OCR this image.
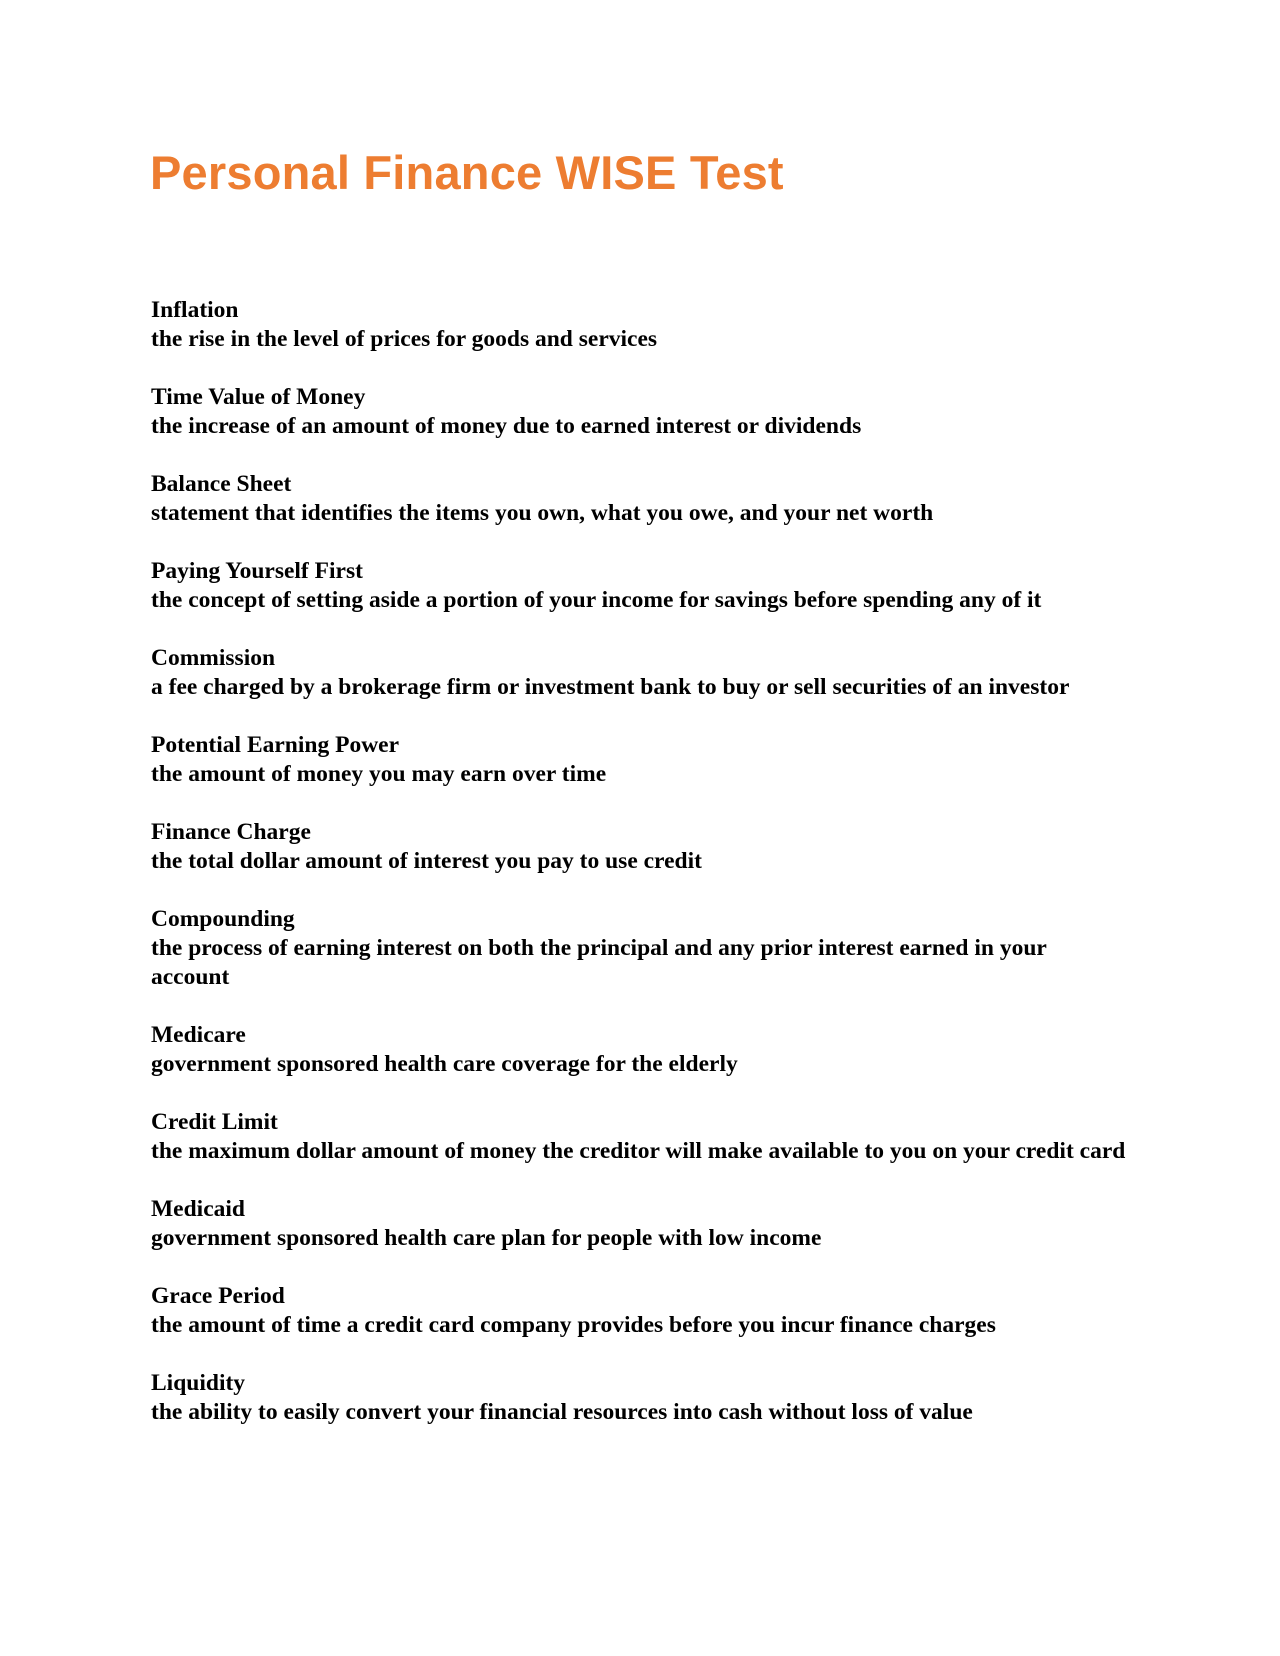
Personal Finance WISE Test
Inflation
the rise in the level of prices for goods and services
Time Value of Money
the increase of an amount of money due to earned interest or dividends
Balance Sheet
statement that identifies the items you own, what you owe, and your net worth
Paying Yourself First
the concept of setting aside a portion of your income for savings before spending any of it
Commission
a fee charged by a brokerage firm or investment bank to buy or sell securities of an investor
Potential Earning Power
the amount of money you may earn over time
Finance Charge
the total dollar amount of interest you pay to use credit
Compounding
the process of earning interest on both the principal and any prior interest earned in your account
Medicare
government sponsored health care coverage for the elderly
Credit Limit
the maximum dollar amount of money the creditor will make available to you on your credit card
Medicaid
government sponsored health care plan for people with low income
Grace Period
the amount of time a credit card company provides before you incur finance charges
Liquidity
the ability to easily convert your financial resources into cash without loss of value
